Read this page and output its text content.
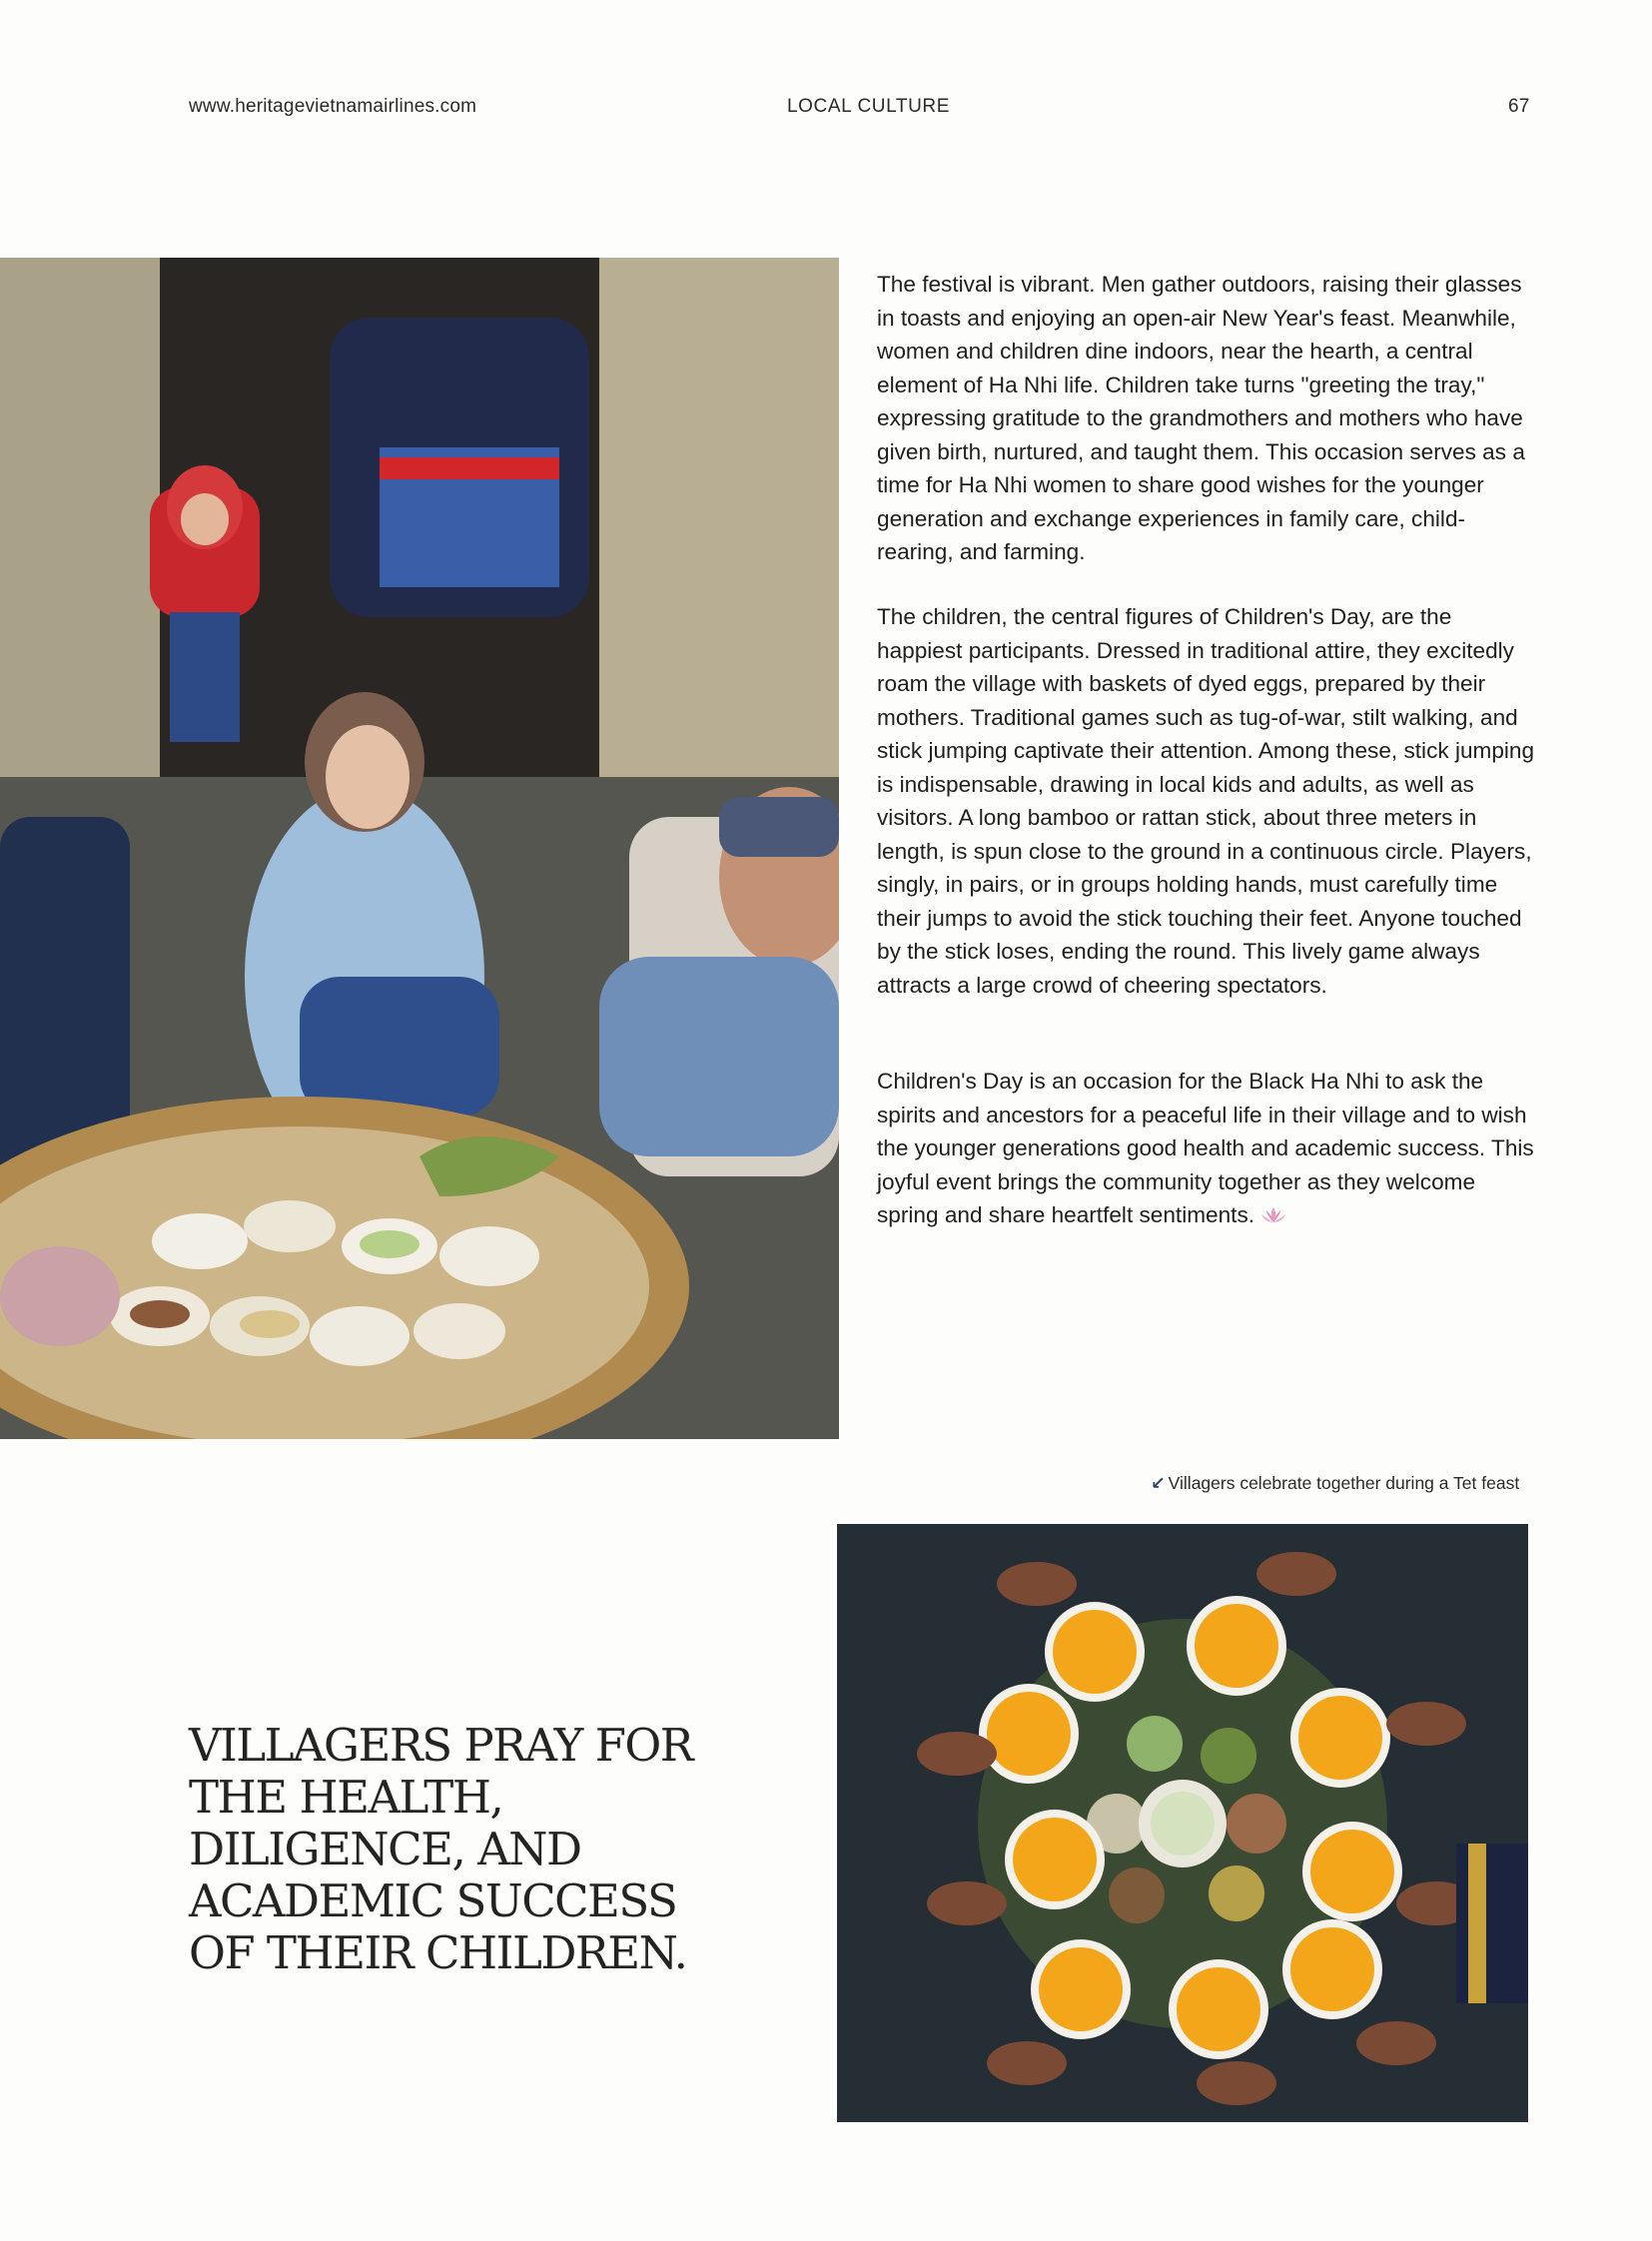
www.heritagevietnamairlines.com	LOCAL CULTURE	67

The festival is vibrant. Men gather outdoors, raising their glasses in toasts and enjoying an open-air New Year's feast. Meanwhile, women and children dine indoors, near the hearth, a central element of Ha Nhi life. Children take turns "greeting the tray," expressing gratitude to the grandmothers and mothers who have given birth, nurtured, and taught them. This occasion serves as a time for Ha Nhi women to share good wishes for the younger generation and exchange experiences in family care, child-rearing, and farming.

The children, the central figures of Children's Day, are the happiest participants. Dressed in traditional attire, they excitedly roam the village with baskets of dyed eggs, prepared by their mothers. Traditional games such as tug-of-war, stilt walking, and stick jumping captivate their attention. Among these, stick jumping is indispensable, drawing in local kids and adults, as well as visitors. A long bamboo or rattan stick, about three meters in length, is spun close to the ground in a continuous circle. Players, singly, in pairs, or in groups holding hands, must carefully time their jumps to avoid the stick touching their feet. Anyone touched by the stick loses, ending the round. This lively game always attracts a large crowd of cheering spectators.

Children's Day is an occasion for the Black Ha Nhi to ask the spirits and ancestors for a peaceful life in their village and to wish the younger generations good health and academic success. This joyful event brings the community together as they welcome spring and share heartfelt sentiments.

↙ Villagers celebrate together during a Tet feast
VILLAGERS PRAY FOR THE HEALTH, DILIGENCE, AND ACADEMIC SUCCESS OF THEIR CHILDREN.
